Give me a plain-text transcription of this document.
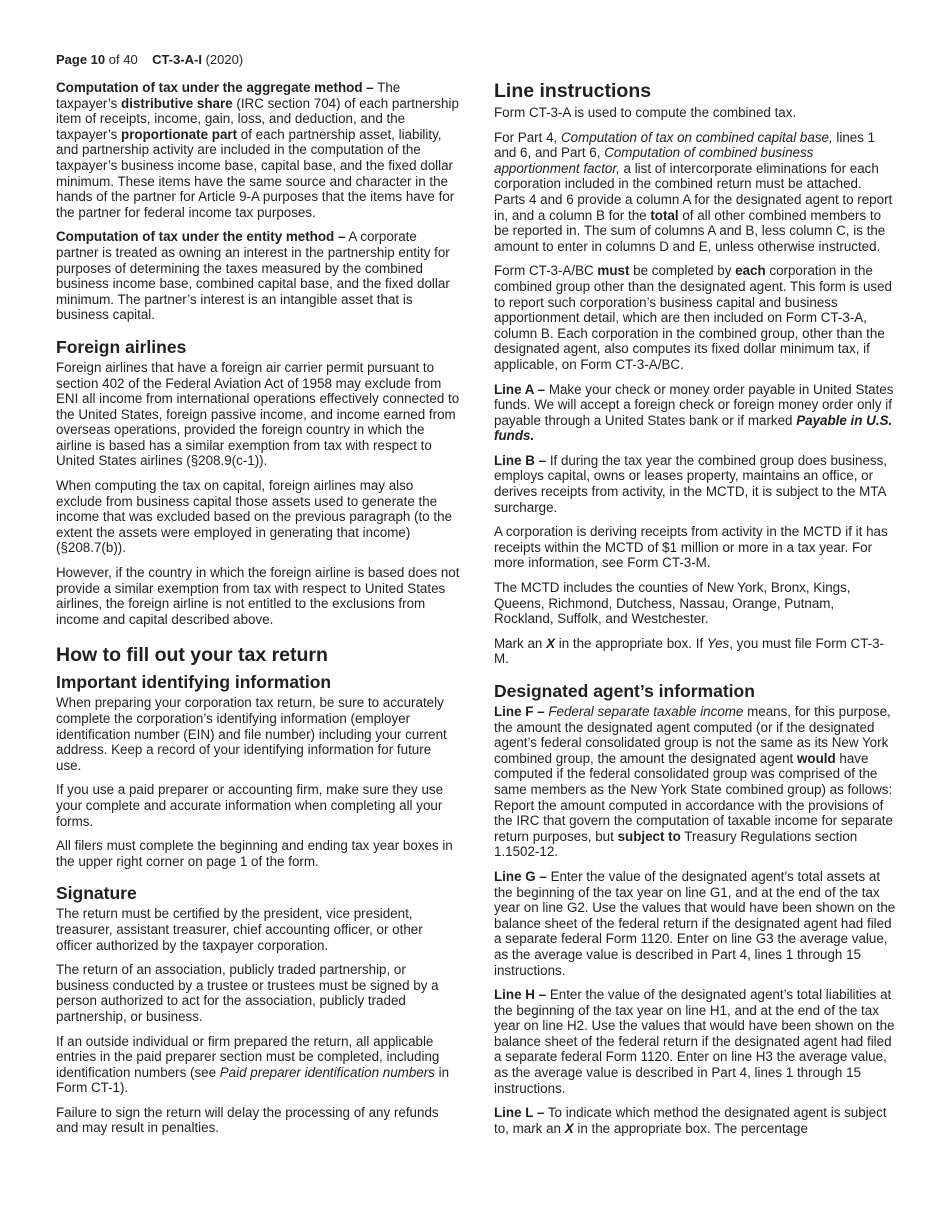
Page 10 of 40 CT-3-A-I (2020)

Computation of tax under the aggregate method – The taxpayer’s distributive share (IRC section 704) of each partnership item of receipts, income, gain, loss, and deduction, and the taxpayer’s proportionate part of each partnership asset, liability, and partnership activity are included in the computation of the taxpayer’s business income base, capital base, and the fixed dollar minimum. These items have the same source and character in the hands of the partner for Article 9-A purposes that the items have for the partner for federal income tax purposes.

Computation of tax under the entity method – A corporate partner is treated as owning an interest in the partnership entity for purposes of determining the taxes measured by the combined business income base, combined capital base, and the fixed dollar minimum. The partner’s interest is an intangible asset that is business capital.

Foreign airlines

Foreign airlines that have a foreign air carrier permit pursuant to section 402 of the Federal Aviation Act of 1958 may exclude from ENI all income from international operations effectively connected to the United States, foreign passive income, and income earned from overseas operations, provided the foreign country in which the airline is based has a similar exemption from tax with respect to United States airlines (§208.9(c-1)).

When computing the tax on capital, foreign airlines may also exclude from business capital those assets used to generate the income that was excluded based on the previous paragraph (to the extent the assets were employed in generating that income) (§208.7(b)).

However, if the country in which the foreign airline is based does not provide a similar exemption from tax with respect to United States airlines, the foreign airline is not entitled to the exclusions from income and capital described above.

How to fill out your tax return
Important identifying information

When preparing your corporation tax return, be sure to accurately complete the corporation’s identifying information (employer identification number (EIN) and file number) including your current address. Keep a record of your identifying information for future use.

If you use a paid preparer or accounting firm, make sure they use your complete and accurate information when completing all your forms.

All filers must complete the beginning and ending tax year boxes in the upper right corner on page 1 of the form.

Signature

The return must be certified by the president, vice president, treasurer, assistant treasurer, chief accounting officer, or other officer authorized by the taxpayer corporation.

The return of an association, publicly traded partnership, or business conducted by a trustee or trustees must be signed by a person authorized to act for the association, publicly traded partnership, or business.

If an outside individual or firm prepared the return, all applicable entries in the paid preparer section must be completed, including identification numbers (see Paid preparer identification numbers in Form CT-1).

Failure to sign the return will delay the processing of any refunds and may result in penalties.

Line instructions

Form CT-3-A is used to compute the combined tax.

For Part 4, Computation of tax on combined capital base, lines 1 and 6, and Part 6, Computation of combined business apportionment factor, a list of intercorporate eliminations for each corporation included in the combined return must be attached. Parts 4 and 6 provide a column A for the designated agent to report in, and a column B for the total of all other combined members to be reported in. The sum of columns A and B, less column C, is the amount to enter in columns D and E, unless otherwise instructed.

Form CT-3-A/BC must be completed by each corporation in the combined group other than the designated agent. This form is used to report such corporation’s business capital and business apportionment detail, which are then included on Form CT-3-A, column B. Each corporation in the combined group, other than the designated agent, also computes its fixed dollar minimum tax, if applicable, on Form CT-3-A/BC.

Line A – Make your check or money order payable in United States funds. We will accept a foreign check or foreign money order only if payable through a United States bank or if marked Payable in U.S. funds.

Line B – If during the tax year the combined group does business, employs capital, owns or leases property, maintains an office, or derives receipts from activity, in the MCTD, it is subject to the MTA surcharge.

A corporation is deriving receipts from activity in the MCTD if it has receipts within the MCTD of $1 million or more in a tax year. For more information, see Form CT-3-M.

The MCTD includes the counties of New York, Bronx, Kings, Queens, Richmond, Dutchess, Nassau, Orange, Putnam, Rockland, Suffolk, and Westchester.

Mark an X in the appropriate box. If Yes, you must file Form CT-3-M.

Designated agent’s information

Line F – Federal separate taxable income means, for this purpose, the amount the designated agent computed (or if the designated agent’s federal consolidated group is not the same as its New York combined group, the amount the designated agent would have computed if the federal consolidated group was comprised of the same members as the New York State combined group) as follows: Report the amount computed in accordance with the provisions of the IRC that govern the computation of taxable income for separate return purposes, but subject to Treasury Regulations section 1.1502-12.

Line G – Enter the value of the designated agent’s total assets at the beginning of the tax year on line G1, and at the end of the tax year on line G2. Use the values that would have been shown on the balance sheet of the federal return if the designated agent had filed a separate federal Form 1120. Enter on line G3 the average value, as the average value is described in Part 4, lines 1 through 15 instructions.

Line H – Enter the value of the designated agent’s total liabilities at the beginning of the tax year on line H1, and at the end of the tax year on line H2. Use the values that would have been shown on the balance sheet of the federal return if the designated agent had filed a separate federal Form 1120. Enter on line H3 the average value, as the average value is described in Part 4, lines 1 through 15 instructions.

Line L – To indicate which method the designated agent is subject to, mark an X in the appropriate box. The percentage
